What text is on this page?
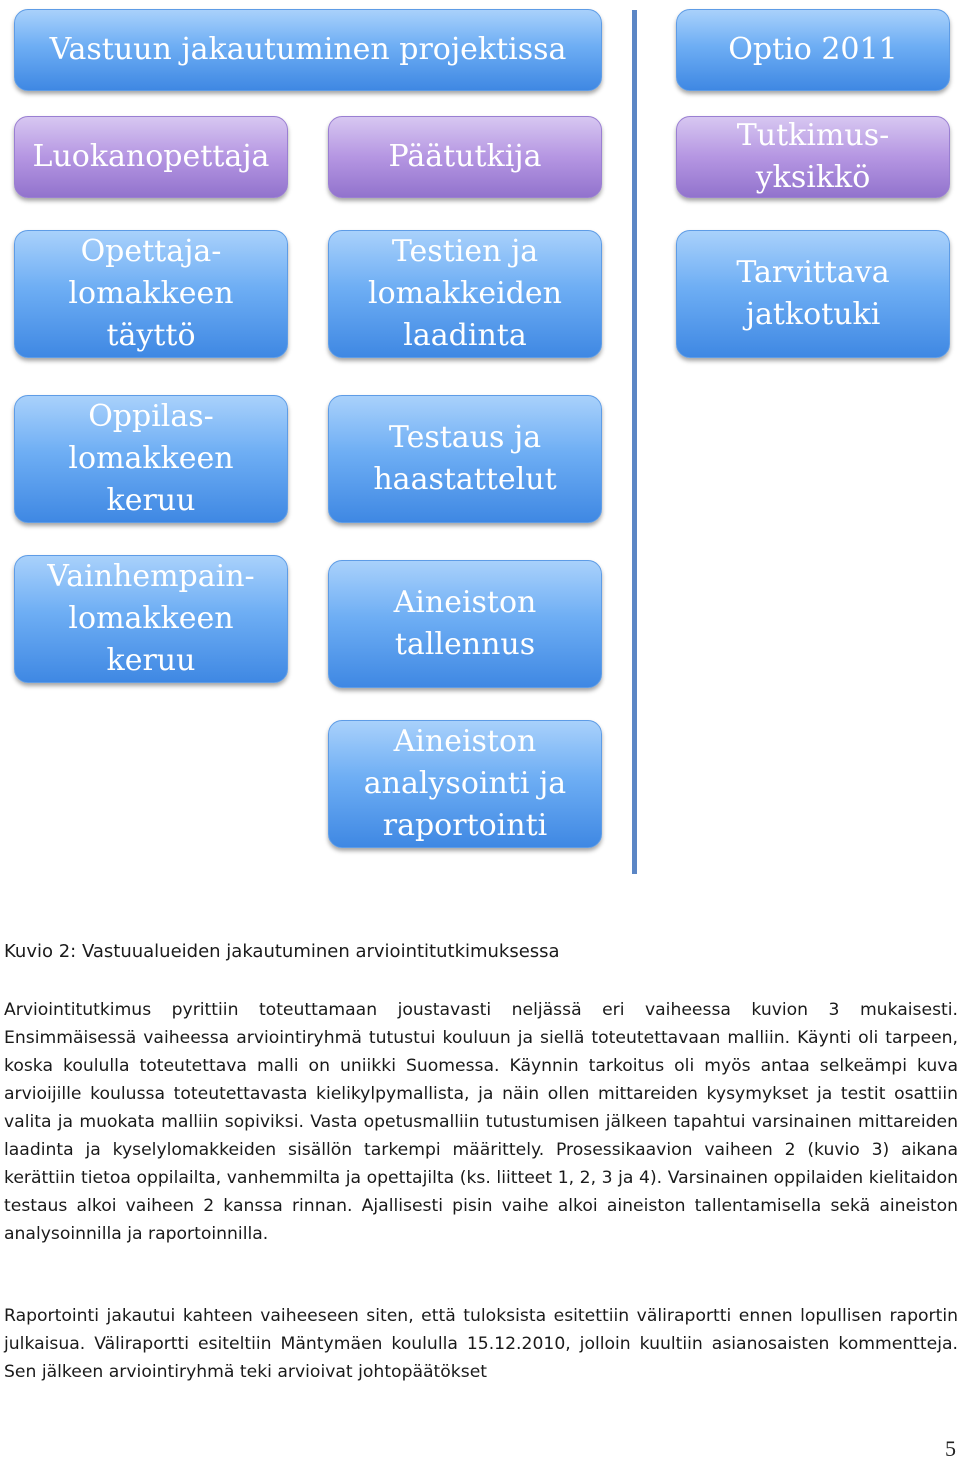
Vastuun jakautuminen projektissa	Optio 2011
Luokanopettaja	Päätutkija
Tutkimus-
yksikkö
Opettaja-
lomakkeen
täyttö
Oppilas-
lomakkeen
keruu
Vainhempain-
lomakkeen
keruu
Testien ja
lomakkeiden
laadinta
Testaus ja
haastattelut
Aineiston
tallennus
Aineiston
analysointi ja
raportointi
Tarvittava
jatkotuki
Kuvio 2: Vastuualueiden jakautuminen arviointitutkimuksessa

Arviointitutkimus pyrittiin toteuttamaan joustavasti neljässä eri vaiheessa kuvion 3 mukaisesti. Ensimmäisessä vaiheessa arviointiryhmä tutustui kouluun ja siellä toteutettavaan malliin. Käynti oli tarpeen, koska koululla toteutettava malli on uniikki Suomessa. Käynnin tarkoitus oli myös antaa selkeämpi kuva arvioijille koulussa toteutettavasta kielikylpymallista, ja näin ollen mittareiden kysymykset ja testit osattiin valita ja muokata malliin sopiviksi. Vasta opetusmalliin tutustumisen jälkeen tapahtui varsinainen mittareiden laadinta ja kyselylomakkeiden sisällön tarkempi määrittely. Prosessikaavion vaiheen 2 (kuvio 3) aikana kerättiin tietoa oppilailta, vanhemmilta ja opettajilta (ks. liitteet 1, 2, 3 ja 4). Varsinainen oppilaiden kielitaidon testaus alkoi vaiheen 2 kanssa rinnan. Ajallisesti pisin vaihe alkoi aineiston tallentamisella sekä aineiston analysoinnilla ja raportoinnilla.

Raportointi jakautui kahteen vaiheeseen siten, että tuloksista esitettiin väliraportti ennen lopullisen raportin julkaisua. Väliraportti esiteltiin Mäntymäen koululla 15.12.2010, jolloin kuultiin asianosaisten kommentteja. Sen jälkeen arviointiryhmä teki arvioivat johtopäätökset

5
